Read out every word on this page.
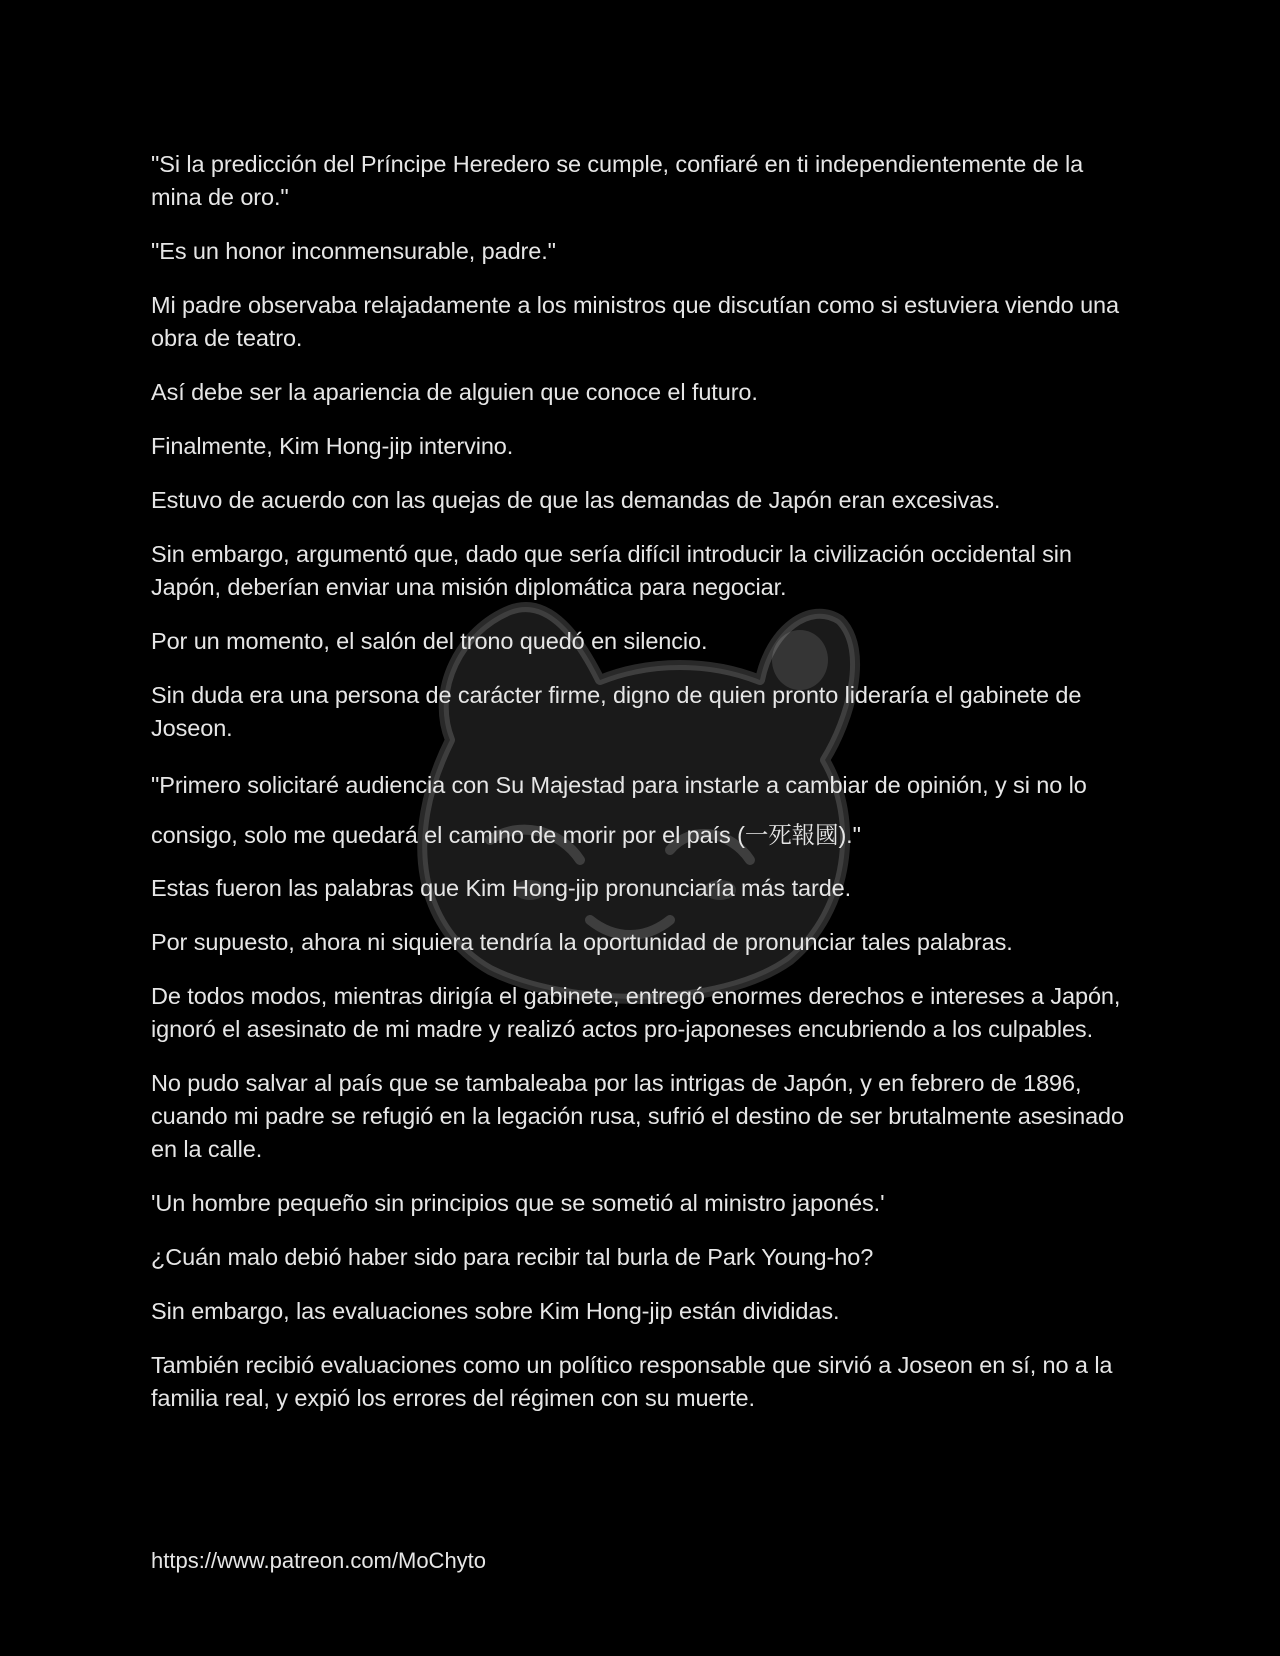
"Si la predicción del Príncipe Heredero se cumple, confiaré en ti independientemente de la mina de oro."

"Es un honor inconmensurable, padre."

Mi padre observaba relajadamente a los ministros que discutían como si estuviera viendo una obra de teatro.

Así debe ser la apariencia de alguien que conoce el futuro.

Finalmente, Kim Hong-jip intervino.

Estuvo de acuerdo con las quejas de que las demandas de Japón eran excesivas.

Sin embargo, argumentó que, dado que sería difícil introducir la civilización occidental sin Japón, deberían enviar una misión diplomática para negociar.

Por un momento, el salón del trono quedó en silencio.

Sin duda era una persona de carácter firme, digno de quien pronto lideraría el gabinete de Joseon.

"Primero solicitaré audiencia con Su Majestad para instarle a cambiar de opinión, y si no lo consigo, solo me quedará el camino de morir por el país (一死報國)."

Estas fueron las palabras que Kim Hong-jip pronunciaría más tarde.

Por supuesto, ahora ni siquiera tendría la oportunidad de pronunciar tales palabras.

De todos modos, mientras dirigía el gabinete, entregó enormes derechos e intereses a Japón, ignoró el asesinato de mi madre y realizó actos pro-japoneses encubriendo a los culpables.

No pudo salvar al país que se tambaleaba por las intrigas de Japón, y en febrero de 1896, cuando mi padre se refugió en la legación rusa, sufrió el destino de ser brutalmente asesinado en la calle.

'Un hombre pequeño sin principios que se sometió al ministro japonés.'

¿Cuán malo debió haber sido para recibir tal burla de Park Young-ho?

Sin embargo, las evaluaciones sobre Kim Hong-jip están divididas.

También recibió evaluaciones como un político responsable que sirvió a Joseon en sí, no a la familia real, y expió los errores del régimen con su muerte.

https://www.patreon.com/MoChyto
